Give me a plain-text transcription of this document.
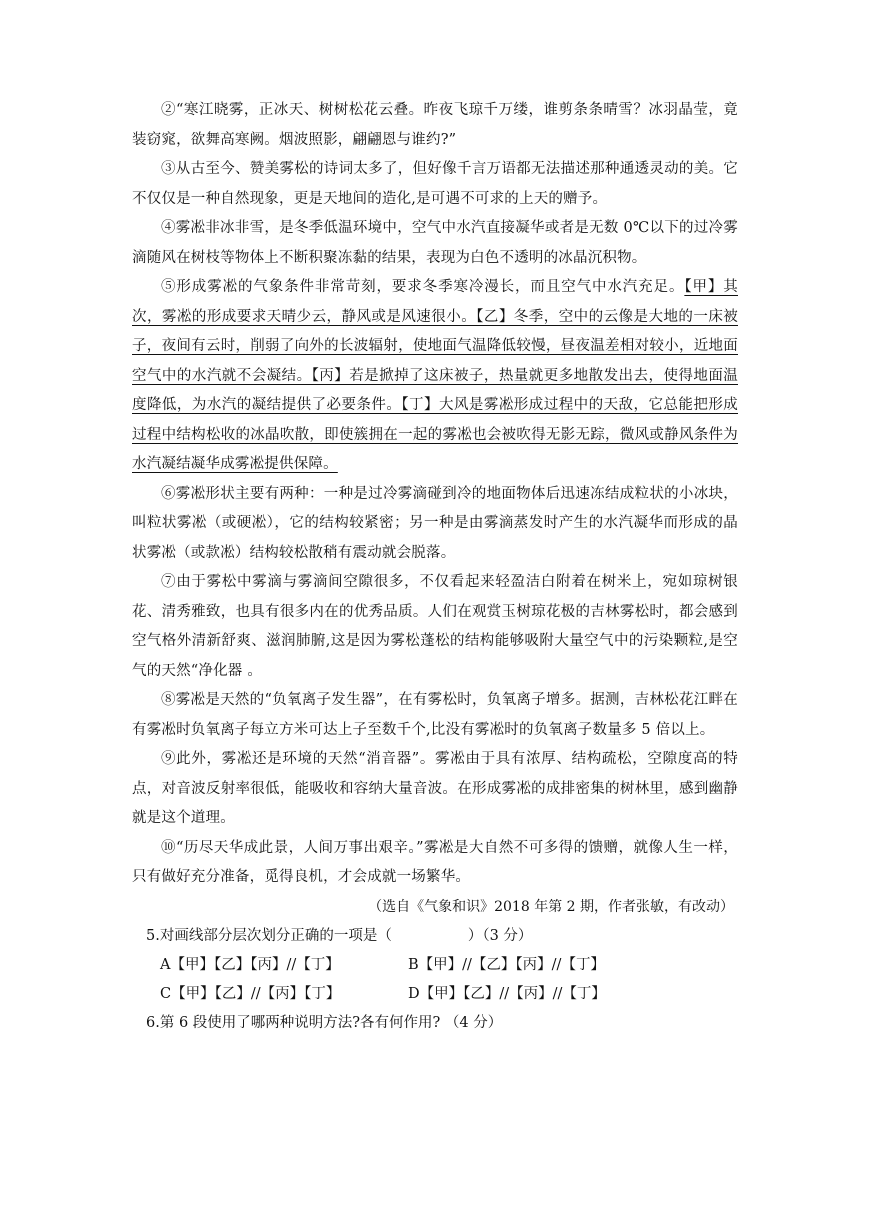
②“寒江晓雾，正冰天、树树松花云叠。昨夜飞琼千万缕，谁剪条条晴雪？冰羽晶莹，竟装窃窕，欲舞高寒阙。烟波照影，翩翩恩与谁约?”

③从古至今、赞美雾松的诗词太多了，但好像千言万语都无法描述那种通透灵动的美。它不仅仅是一种自然现象，更是天地间的造化,是可遇不可求的上天的赠予。

④雾凇非冰非雪，是冬季低温环境中，空气中水汽直接凝华或者是无数 0℃以下的过冷雾滴随风在树枝等物体上不断积聚冻黏的结果，表现为白色不透明的冰晶沉积物。

⑤形成雾凇的气象条件非常苛刻，要求冬季寒冷漫长，而且空气中水汽充足。【甲】其次，雾凇的形成要求天晴少云，静风或是风速很小。【乙】冬季，空中的云像是大地的一床被子，夜间有云时，削弱了向外的长波辐射，使地面气温降低较慢，昼夜温差相对较小，近地面空气中的水汽就不会凝结。【丙】若是掀掉了这床被子，热量就更多地散发出去，使得地面温度降低，为水汽的凝结提供了必要条件。【丁】大风是雾凇形成过程中的天敌，它总能把形成过程中结构松收的冰晶吹散，即使簇拥在一起的雾凇也会被吹得无影无踪，微风或静风条件为水汽凝结凝华成雾凇提供保障。

⑥雾凇形状主要有两种：一种是过冷雾滴碰到冷的地面物体后迅速冻结成粒状的小冰块，叫粒状雾凇（或硬凇），它的结构较紧密；另一种是由雾滴蒸发时产生的水汽凝华而形成的晶状雾凇（或款凇）结构较松散稍有震动就会脱落。

⑦由于雾松中雾滴与雾滴间空隙很多，不仅看起来轻盈洁白附着在树米上，宛如琼树银花、清秀雅致，也具有很多内在的优秀品质。人们在观赏玉树琼花极的吉林雾松时，都会感到空气格外清新舒爽、滋润肺腑,这是因为雾松蓬松的结构能够吸附大量空气中的污染颗粒,是空气的天然“净化器 。

⑧雾凇是天然的“负氧离子发生器”，在有雾松时，负氧离子增多。据测，吉林松花江畔在有雾凇时负氧离子每立方米可达上子至数千个,比没有雾凇时的负氧离子数量多 5 倍以上。

⑨此外，雾凇还是环境的天然“消音器”。雾凇由于具有浓厚、结构疏松，空隙度高的特点，对音波反射率很低，能吸收和容纳大量音波。在形成雾凇的成排密集的树林里，感到幽静就是这个道理。

⑩“历尽天华成此景，人间万事出艰辛。”雾凇是大自然不可多得的馈赠，就像人生一样，只有做好充分准备，觅得良机，才会成就一场繁华。

（选自《气象和识》2018 年第 2 期，作者张敏，有改动）

5.对画线部分层次划分正确的一项是（	）（3 分）

A【甲】【乙】【丙】//【丁】	B【甲】//【乙】【丙】//【丁】
C【甲】【乙】//【丙】【丁】	D【甲】【乙】//【丙】//【丁】

6.第 6 段使用了哪两种说明方法?各有何作用? （4 分）
